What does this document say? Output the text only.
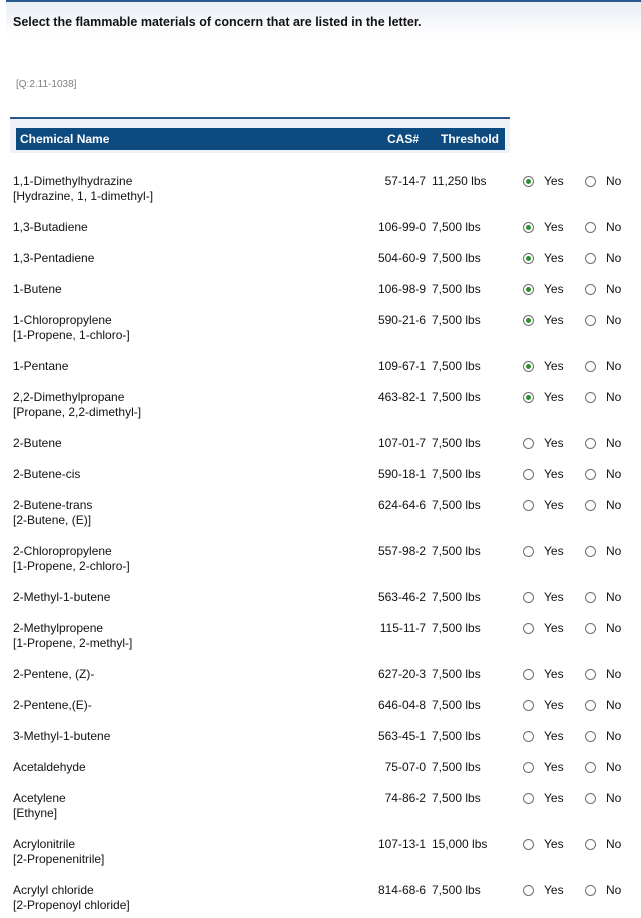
Select the flammable materials of concern that are listed in the letter.
[Q:2.11-1038]
Chemical Name	CAS# Threshold
1,1-Dimethylhydrazine
[Hydrazine, 1, 1-dimethyl-]
57-14-7 11,250 lbs	Yes	No
1,3-Butadiene	106-99-0 7,500 lbs	Yes	No
1,3-Pentadiene	504-60-9 7,500 lbs	Yes	No
1-Butene	106-98-9 7,500 lbs	Yes	No
1-Chloropropylene
[1-Propene, 1-chloro-]
590-21-6 7,500 lbs	Yes	No
1-Pentane	109-67-1 7,500 lbs	Yes	No
2,2-Dimethylpropane
[Propane, 2,2-dimethyl-]
463-82-1 7,500 lbs	Yes	No
2-Butene	107-01-7 7,500 lbs	Yes	No
2-Butene-cis	590-18-1 7,500 lbs	Yes	No
2-Butene-trans
[2-Butene, (E)]
624-64-6 7,500 lbs	Yes	No
2-Chloropropylene
[1-Propene, 2-chloro-]
557-98-2 7,500 lbs	Yes	No
2-Methyl-1-butene	563-46-2 7,500 lbs	Yes	No
2-Methylpropene
[1-Propene, 2-methyl-]
115-11-7 7,500 lbs	Yes	No
2-Pentene, (Z)-	627-20-3 7,500 lbs	Yes	No
2-Pentene,(E)-	646-04-8 7,500 lbs	Yes	No
3-Methyl-1-butene	563-45-1 7,500 lbs	Yes	No
Acetaldehyde	75-07-0 7,500 lbs	Yes	No
Acetylene
[Ethyne]
74-86-2 7,500 lbs	Yes	No
Acrylonitrile
[2-Propenenitrile]
107-13-1 15,000 lbs	Yes	No
Acrylyl chloride
[2-Propenoyl chloride]
814-68-6 7,500 lbs	Yes	No
